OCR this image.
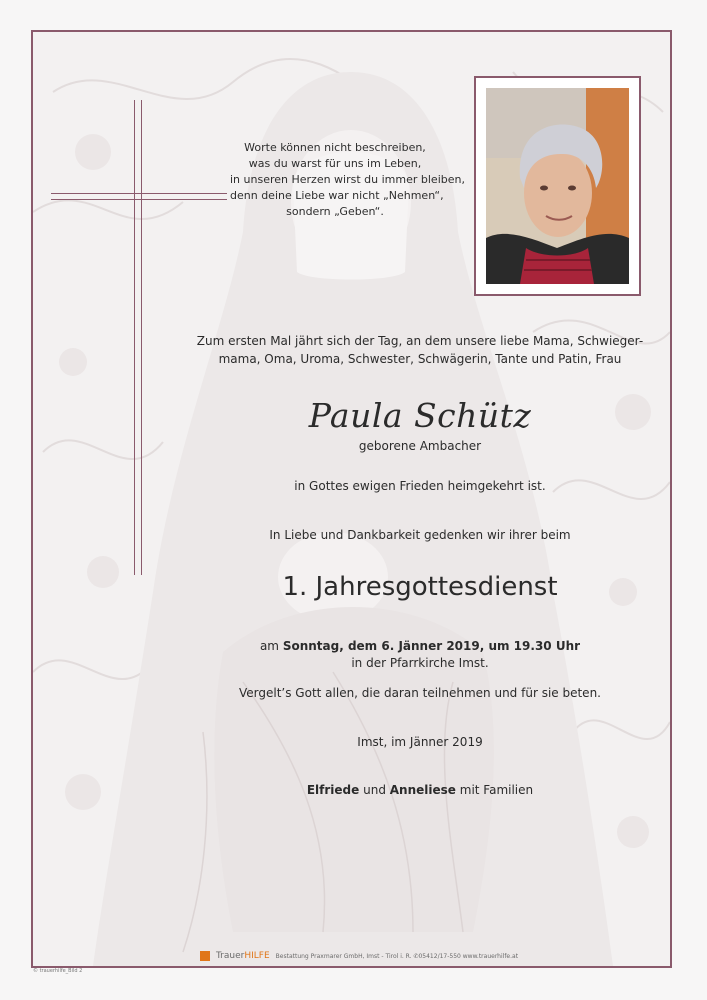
Worte können nicht beschreiben,
was du warst für uns im Leben,
in unseren Herzen wirst du immer bleiben,
denn deine Liebe war nicht „Nehmen“,
sondern „Geben“.
Zum ersten Mal jährt sich der Tag, an dem unsere liebe Mama, Schwieger-
mama, Oma, Uroma, Schwester, Schwägerin, Tante und Patin, Frau
Paula Schütz
geborene Ambacher
in Gottes ewigen Frieden heimgekehrt ist.
In Liebe und Dankbarkeit gedenken wir ihrer beim
1. Jahresgottesdienst
am Sonntag, dem 6. Jänner 2019, um 19.30 Uhr
in der Pfarrkirche Imst.
Vergelt’s Gott allen, die daran teilnehmen und für sie beten.
Imst, im Jänner 2019
Elfriede und Anneliese mit Familien
TrauerHILFE Bestattung Praxmarer GmbH, Imst - Tirol i. R. ✆05412/17-550 www.trauerhilfe.at
© trauerhilfe_Bild 2
